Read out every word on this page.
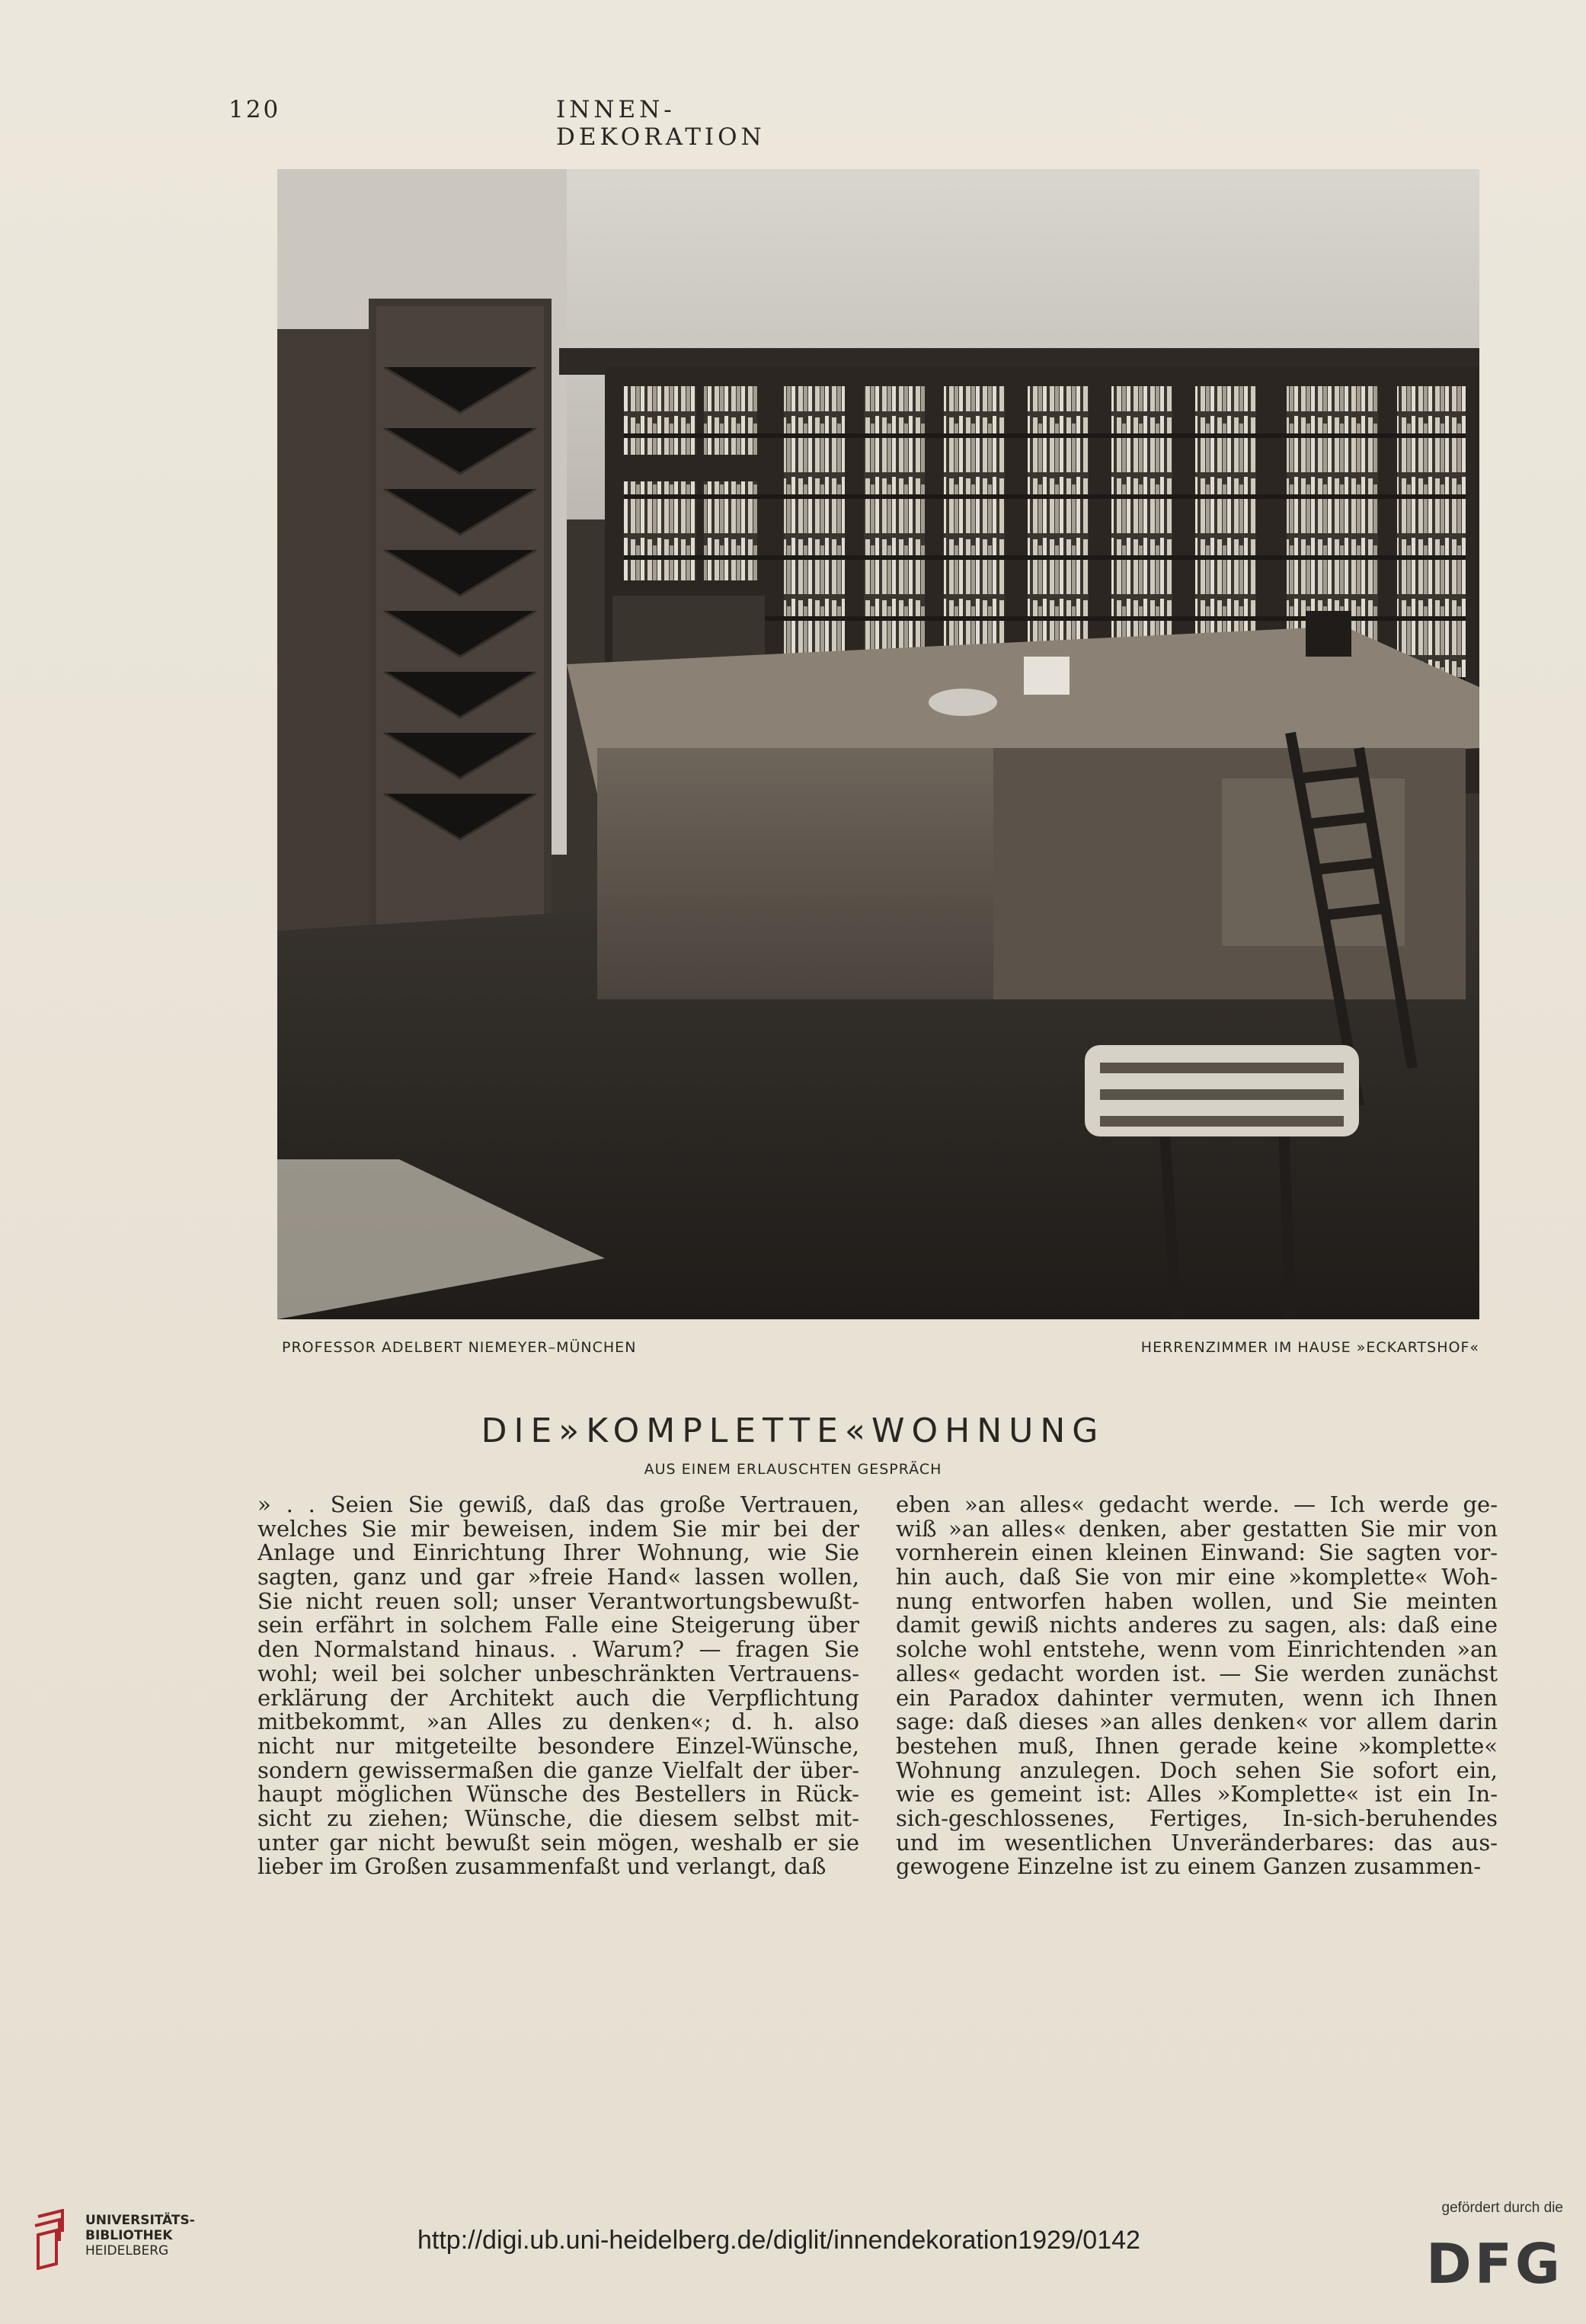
120	INNEN-DEKORATION
PROFESSOR ADELBERT NIEMEYER–MÜNCHEN	HERRENZIMMER IM HAUSE »ECKARTSHOF«
DIE»KOMPLETTE«WOHNUNG
AUS EINEM ERLAUSCHTEN GESPRÄCH
» . . Seien Sie gewiß, daß das große Vertrauen,
welches Sie mir beweisen, indem Sie mir bei der
Anlage und Einrichtung Ihrer Wohnung, wie Sie
sagten, ganz und gar »freie Hand« lassen wollen,
Sie nicht reuen soll; unser Verantwortungsbewußt-
sein erfährt in solchem Falle eine Steigerung über
den Normalstand hinaus. . Warum? — fragen Sie
wohl; weil bei solcher unbeschränkten Vertrauens-
erklärung der Architekt auch die Verpflichtung
mitbekommt, »an Alles zu denken«; d. h. also
nicht nur mitgeteilte besondere Einzel-Wünsche,
sondern gewissermaßen die ganze Vielfalt der über-
haupt möglichen Wünsche des Bestellers in Rück-
sicht zu ziehen; Wünsche, die diesem selbst mit-
unter gar nicht bewußt sein mögen, weshalb er sie
lieber im Großen zusammenfaßt und verlangt, daß
eben »an alles« gedacht werde. — Ich werde ge-
wiß »an alles« denken, aber gestatten Sie mir von
vornherein einen kleinen Einwand: Sie sagten vor-
hin auch, daß Sie von mir eine »komplette« Woh-
nung entworfen haben wollen, und Sie meinten
damit gewiß nichts anderes zu sagen, als: daß eine
solche wohl entstehe, wenn vom Einrichtenden »an
alles« gedacht worden ist. — Sie werden zunächst
ein Paradox dahinter vermuten, wenn ich Ihnen
sage: daß dieses »an alles denken« vor allem darin
bestehen muß, Ihnen gerade keine »komplette«
Wohnung anzulegen. Doch sehen Sie sofort ein,
wie es gemeint ist: Alles »Komplette« ist ein In-
sich-geschlossenes, Fertiges, In-sich-beruhendes
und im wesentlichen Unveränderbares: das aus-
gewogene Einzelne ist zu einem Ganzen zusammen-
UNIVERSITÄTS-
BIBLIOTHEK
HEIDELBERG	http://digi.ub.uni-heidelberg.de/diglit/innendekoration1929/0142
gefördert durch die
DFG
